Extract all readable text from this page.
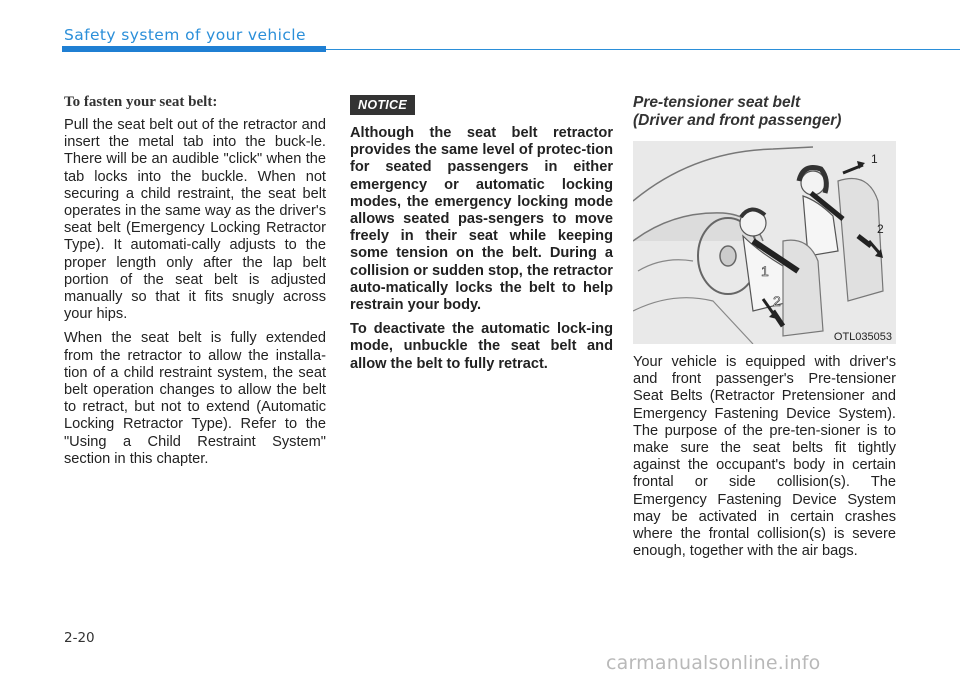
Safety system of your vehicle
To fasten your seat belt:

Pull the seat belt out of the retractor and insert the metal tab into the buck-le. There will be an audible "click" when the tab locks into the buckle. When not securing a child restraint, the seat belt operates in the same way as the driver's seat belt (Emergency Locking Retractor Type). It automati-cally adjusts to the proper length only after the lap belt portion of the seat belt is adjusted manually so that it fits snugly across your hips.

When the seat belt is fully extended from the retractor to allow the installa-tion of a child restraint system, the seat belt operation changes to allow the belt to retract, but not to extend (Automatic Locking Retractor Type). Refer to the "Using a Child Restraint System" section in this chapter.

NOTICE

Although the seat belt retractor provides the same level of protec-tion for seated passengers in either emergency or automatic locking modes, the emergency locking mode allows seated pas-sengers to move freely in their seat while keeping some tension on the belt. During a collision or sudden stop, the retractor auto-matically locks the belt to help restrain your body.

To deactivate the automatic lock-ing mode, unbuckle the seat belt and allow the belt to fully retract.

Pre-tensioner seat belt
(Driver and front passenger)
1
2
1
2
OTL035053

Your vehicle is equipped with driver's and front passenger's Pre-tensioner Seat Belts (Retractor Pretensioner and Emergency Fastening Device System). The purpose of the pre-ten-sioner is to make sure the seat belts fit tightly against the occupant's body in certain frontal or side collision(s). The Emergency Fastening Device System may be activated in certain crashes where the frontal collision(s) is severe enough, together with the air bags.

2-20
carmanualsonline.info
